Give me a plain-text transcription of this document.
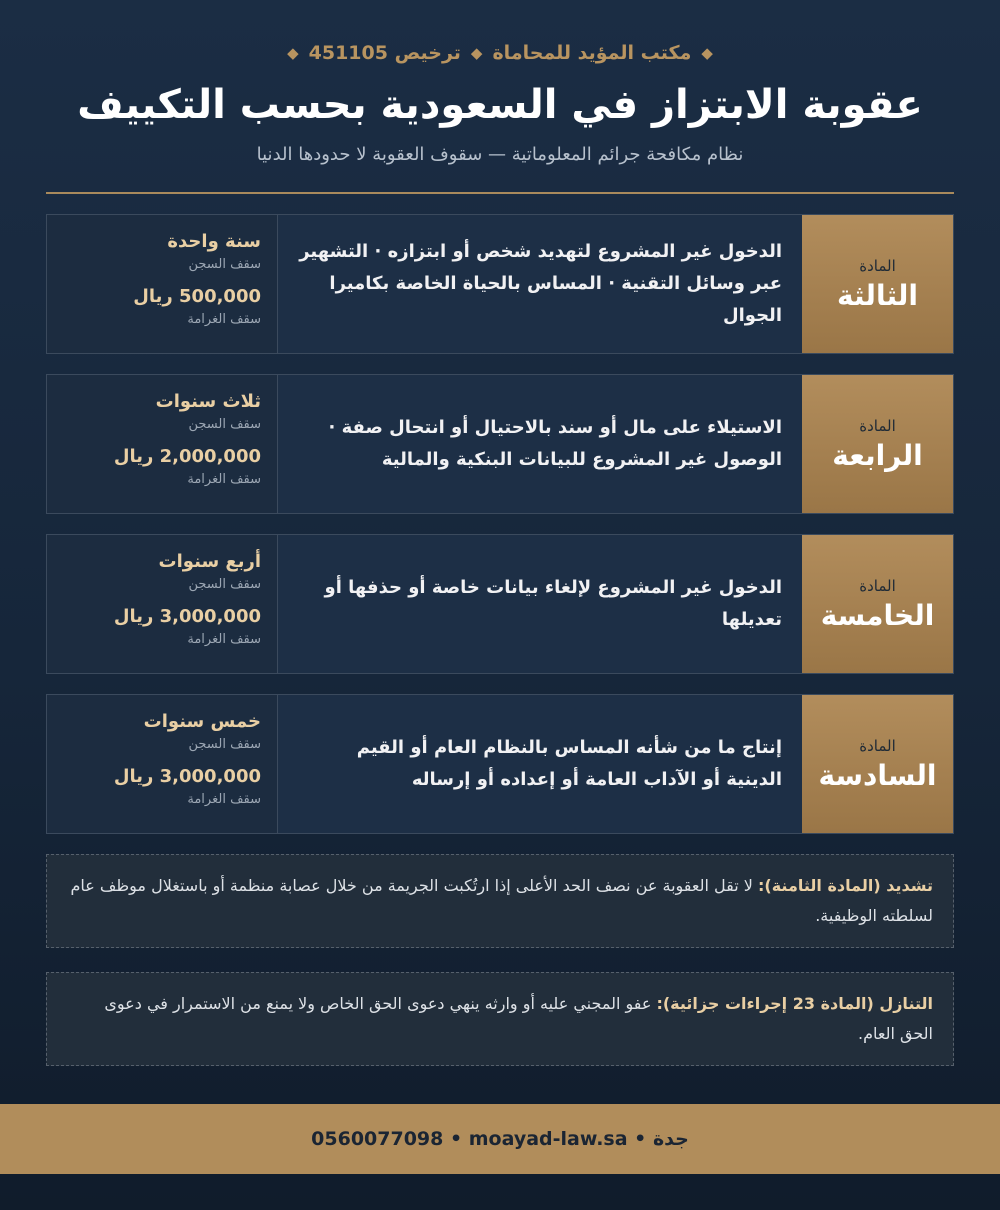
◆
مكتب المؤيد للمحاماة
◆
ترخيص 451105
◆
عقوبة الابتزاز في السعودية بحسب التكييف
نظام مكافحة جرائم المعلوماتية — سقوف العقوبة لا حدودها الدنيا
المادة
الثالثة

الدخول غير المشروع لتهديد شخص أو ابتزازه · التشهير عبر وسائل التقنية · المساس بالحياة الخاصة بكاميرا الجوال

سنة واحدة
سقف السجن
500,000 ريال
سقف الغرامة
المادة
الرابعة

الاستيلاء على مال أو سند بالاحتيال أو انتحال صفة · الوصول غير المشروع للبيانات البنكية والمالية

ثلاث سنوات
سقف السجن
2,000,000 ريال
سقف الغرامة
المادة
الخامسة

الدخول غير المشروع لإلغاء بيانات خاصة أو حذفها أو تعديلها

أربع سنوات
سقف السجن
3,000,000 ريال
سقف الغرامة
المادة
السادسة

إنتاج ما من شأنه المساس بالنظام العام أو القيم الدينية أو الآداب العامة أو إعداده أو إرساله

خمس سنوات
سقف السجن
3,000,000 ريال
سقف الغرامة
تشديد (المادة الثامنة): لا تقل العقوبة عن نصف الحد الأعلى إذا ارتُكبت الجريمة من خلال عصابة منظمة أو باستغلال موظف عام لسلطته الوظيفية.
التنازل (المادة 23 إجراءات جزائية): عفو المجني عليه أو وارثه ينهي دعوى الحق الخاص ولا يمنع من الاستمرار في دعوى الحق العام.
جدة
•
moayad-law.sa
•
0560077098
